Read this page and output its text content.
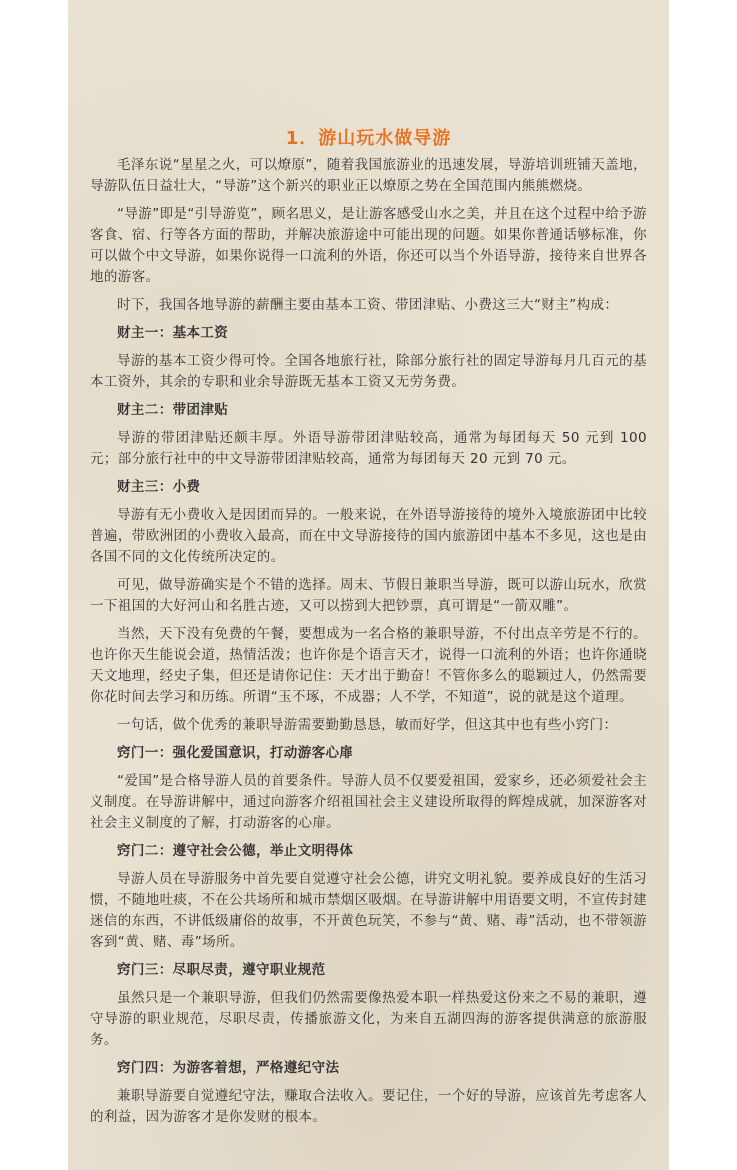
1．游山玩水做导游

毛泽东说“星星之火，可以燎原”，随着我国旅游业的迅速发展，导游培训班铺天盖地，导游队伍日益壮大，“导游”这个新兴的职业正以燎原之势在全国范围内熊熊燃烧。

“导游”即是“引导游览”，顾名思义，是让游客感受山水之美，并且在这个过程中给予游客食、宿、行等各方面的帮助，并解决旅游途中可能出现的问题。如果你普通话够标准，你可以做个中文导游，如果你说得一口流利的外语，你还可以当个外语导游，接待来自世界各地的游客。

时下，我国各地导游的薪酬主要由基本工资、带团津贴、小费这三大“财主”构成：

财主一：基本工资

导游的基本工资少得可怜。全国各地旅行社，除部分旅行社的固定导游每月几百元的基本工资外，其余的专职和业余导游既无基本工资又无劳务费。

财主二：带团津贴

导游的带团津贴还颇丰厚。外语导游带团津贴较高，通常为每团每天 50 元到 100 元；部分旅行社中的中文导游带团津贴较高，通常为每团每天 20 元到 70 元。

财主三：小费

导游有无小费收入是因团而异的。一般来说，在外语导游接待的境外入境旅游团中比较普遍，带欧洲团的小费收入最高，而在中文导游接待的国内旅游团中基本不多见，这也是由各国不同的文化传统所决定的。

可见，做导游确实是个不错的选择。周末、节假日兼职当导游，既可以游山玩水，欣赏一下祖国的大好河山和名胜古迹，又可以捞到大把钞票，真可谓是“一箭双雕”。

当然，天下没有免费的午餐，要想成为一名合格的兼职导游，不付出点辛劳是不行的。也许你天生能说会道，热情活泼；也许你是个语言天才，说得一口流利的外语；也许你通晓天文地理，经史子集，但还是请你记住：天才出于勤奋！不管你多么的聪颖过人，仍然需要你花时间去学习和历练。所谓“玉不琢，不成器；人不学，不知道”，说的就是这个道理。

一句话，做个优秀的兼职导游需要勤勤恳恳，敏而好学，但这其中也有些小窍门：

窍门一：强化爱国意识，打动游客心扉

“爱国”是合格导游人员的首要条件。导游人员不仅要爱祖国，爱家乡，还必须爱社会主义制度。在导游讲解中，通过向游客介绍祖国社会主义建设所取得的辉煌成就，加深游客对社会主义制度的了解，打动游客的心扉。

窍门二：遵守社会公德，举止文明得体

导游人员在导游服务中首先要自觉遵守社会公德，讲究文明礼貌。要养成良好的生活习惯，不随地吐痰，不在公共场所和城市禁烟区吸烟。在导游讲解中用语要文明，不宣传封建迷信的东西，不讲低级庸俗的故事，不开黄色玩笑，不参与“黄、赌、毒”活动，也不带领游客到“黄、赌、毒”场所。

窍门三：尽职尽责，遵守职业规范

虽然只是一个兼职导游，但我们仍然需要像热爱本职一样热爱这份来之不易的兼职，遵守导游的职业规范，尽职尽责，传播旅游文化，为来自五湖四海的游客提供满意的旅游服务。

窍门四：为游客着想，严格遵纪守法

兼职导游要自觉遵纪守法，赚取合法收入。要记住，一个好的导游，应该首先考虑客人的利益，因为游客才是你发财的根本。
